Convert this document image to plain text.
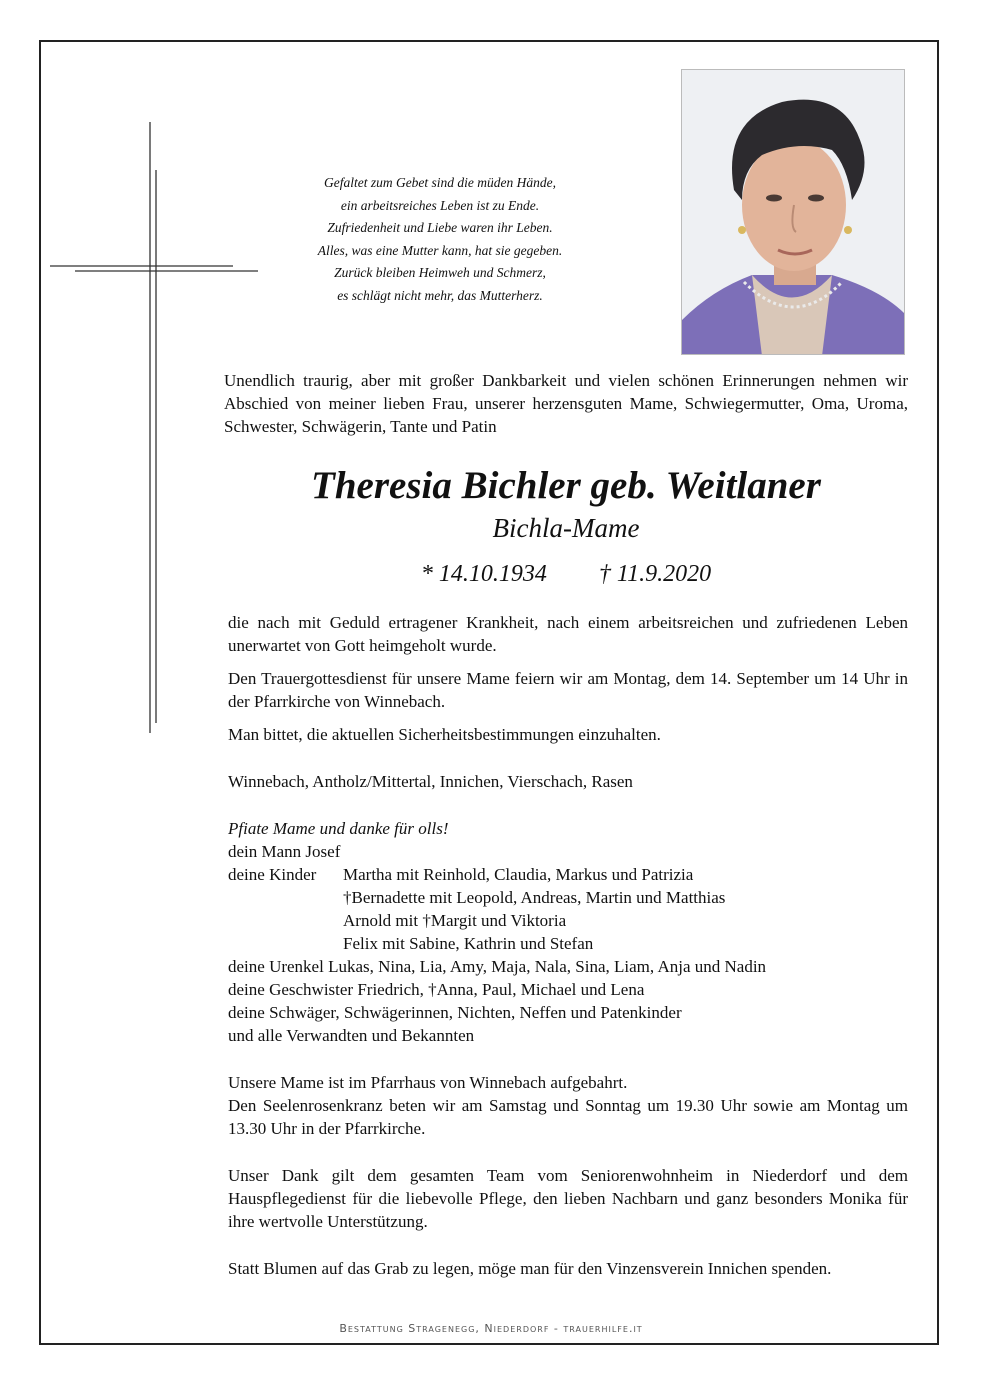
Gefaltet zum Gebet sind die müden Hände,
ein arbeitsreiches Leben ist zu Ende.
Zufriedenheit und Liebe waren ihr Leben.
Alles, was eine Mutter kann, hat sie gegeben.
Zurück bleiben Heimweh und Schmerz,
es schlägt nicht mehr, das Mutterherz.
Unendlich traurig, aber mit großer Dankbarkeit und vielen schönen Erinnerungen nehmen wir Abschied von meiner lieben Frau, unserer herzensguten Mame, Schwiegermutter, Oma, Uroma, Schwester, Schwägerin, Tante und Patin
Theresia Bichler geb. Weitlaner
Bichla-Mame
* 14.10.1934 † 11.9.2020

die nach mit Geduld ertragener Krankheit, nach einem arbeitsreichen und zufriedenen Leben unerwartet von Gott heimgeholt wurde.

Den Trauergottesdienst für unsere Mame feiern wir am Montag, dem 14. September um 14 Uhr in der Pfarrkirche von Winnebach.

Man bittet, die aktuellen Sicherheitsbestimmungen einzuhalten.

Winnebach, Antholz/Mittertal, Innichen, Vierschach, Rasen

Pfiate Mame und danke für olls!

dein Mann Josef

deine Kinder	Martha mit Reinhold, Claudia, Markus und Patrizia
†Bernadette mit Leopold, Andreas, Martin und Matthias
Arnold mit †Margit und Viktoria
Felix mit Sabine, Kathrin und Stefan

deine Urenkel Lukas, Nina, Lia, Amy, Maja, Nala, Sina, Liam, Anja und Nadin

deine Geschwister Friedrich, †Anna, Paul, Michael und Lena

deine Schwäger, Schwägerinnen, Nichten, Neffen und Patenkinder

und alle Verwandten und Bekannten

Unsere Mame ist im Pfarrhaus von Winnebach aufgebahrt.

Den Seelenrosenkranz beten wir am Samstag und Sonntag um 19.30 Uhr sowie am Montag um 13.30 Uhr in der Pfarrkirche.

Unser Dank gilt dem gesamten Team vom Seniorenwohnheim in Niederdorf und dem Hauspflegedienst für die liebevolle Pflege, den lieben Nachbarn und ganz besonders Monika für ihre wertvolle Unterstützung.

Statt Blumen auf das Grab zu legen, möge man für den Vinzensverein Innichen spenden.

Bestattung Stragenegg, Niederdorf - trauerhilfe.it
